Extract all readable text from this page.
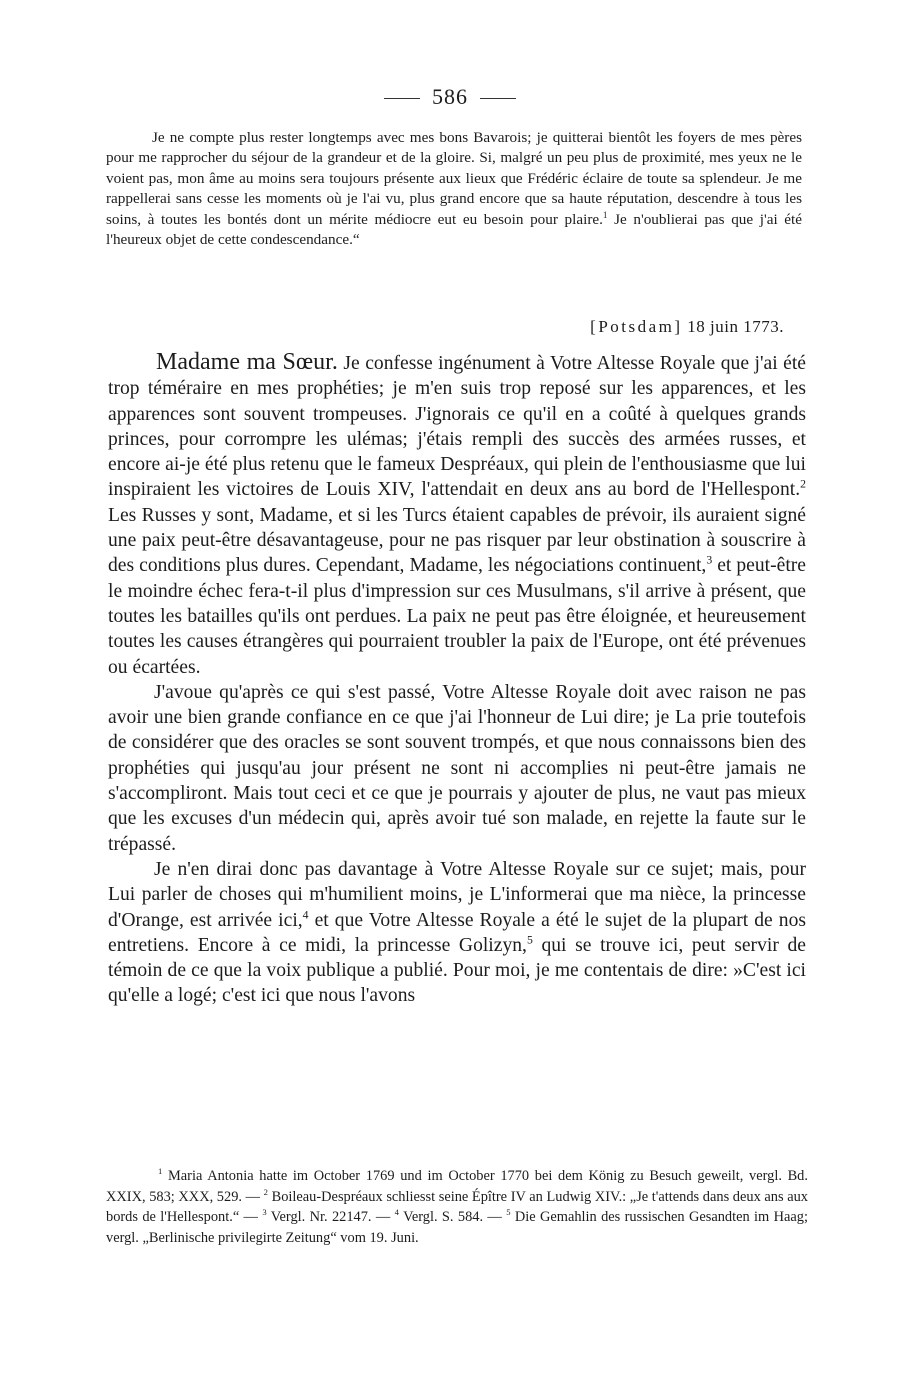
586

Je ne compte plus rester longtemps avec mes bons Bavarois; je quitterai bientôt les foyers de mes pères pour me rapprocher du séjour de la grandeur et de la gloire. Si, malgré un peu plus de proximité, mes yeux ne le voient pas, mon âme au moins sera toujours présente aux lieux que Frédéric éclaire de toute sa splendeur. Je me rappellerai sans cesse les moments où je l'ai vu, plus grand encore que sa haute réputation, descendre à tous les soins, à toutes les bontés dont un mérite médiocre eut eu besoin pour plaire.$^1$ Je n'oublierai pas que j'ai été l'heureux objet de cette condescendance.“

[Potsdam] 18 juin 1773.

Madame ma Sœur. Je confesse ingénument à Votre Altesse Royale que j'ai été trop téméraire en mes prophéties; je m'en suis trop reposé sur les apparences, et les apparences sont souvent trompeuses. J'ignorais ce qu'il en a coûté à quelques grands princes, pour corrompre les ulémas; j'étais rempli des succès des armées russes, et encore ai-je été plus retenu que le fameux Despréaux, qui plein de l'enthousiasme que lui inspiraient les victoires de Louis XIV, l'attendait en deux ans au bord de l'Hellespont.$^2$ Les Russes y sont, Madame, et si les Turcs étaient capables de prévoir, ils auraient signé une paix peut-être désavantageuse, pour ne pas risquer par leur obstination à souscrire à des conditions plus dures. Cependant, Madame, les négociations continuent,$^3$ et peut-être le moindre échec fera-t-il plus d'impression sur ces Musulmans, s'il arrive à présent, que toutes les batailles qu'ils ont perdues. La paix ne peut pas être éloignée, et heureusement toutes les causes étrangères qui pourraient troubler la paix de l'Europe, ont été prévenues ou écartées.

J'avoue qu'après ce qui s'est passé, Votre Altesse Royale doit avec raison ne pas avoir une bien grande confiance en ce que j'ai l'honneur de Lui dire; je La prie toutefois de considérer que des oracles se sont souvent trompés, et que nous connaissons bien des prophéties qui jusqu'au jour présent ne sont ni accomplies ni peut-être jamais ne s'accompliront. Mais tout ceci et ce que je pourrais y ajouter de plus, ne vaut pas mieux que les excuses d'un médecin qui, après avoir tué son malade, en rejette la faute sur le trépassé.

Je n'en dirai donc pas davantage à Votre Altesse Royale sur ce sujet; mais, pour Lui parler de choses qui m'humilient moins, je L'informerai que ma nièce, la princesse d'Orange, est arrivée ici,$^4$ et que Votre Altesse Royale a été le sujet de la plupart de nos entretiens. Encore à ce midi, la princesse Golizyn,$^5$ qui se trouve ici, peut servir de témoin de ce que la voix publique a publié. Pour moi, je me contentais de dire: »C'est ici qu'elle a logé; c'est ici que nous l'avons

$^1$ Maria Antonia hatte im October 1769 und im October 1770 bei dem König zu Besuch geweilt, vergl. Bd. XXIX, 583; XXX, 529. — $^2$ Boileau-Despréaux schliesst seine Épître IV an Ludwig XIV.: „Je t'attends dans deux ans aux bords de l'Hellespont.“ — $^3$ Vergl. Nr. 22147. — $^4$ Vergl. S. 584. — $^5$ Die Gemahlin des russischen Gesandten im Haag; vergl. „Berlinische privilegirte Zeitung“ vom 19. Juni.
